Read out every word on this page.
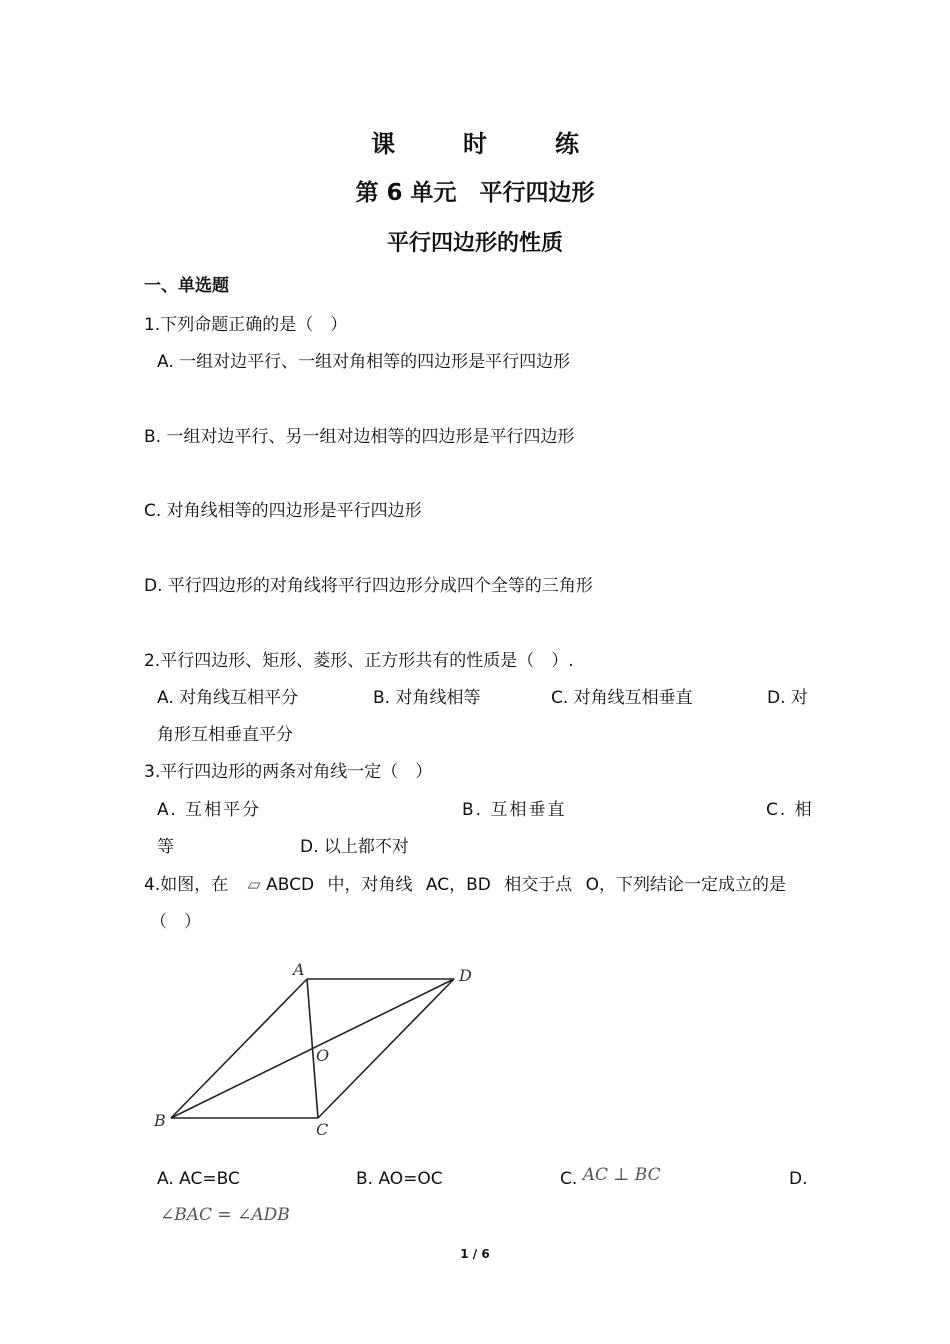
课　时　练
第 6 单元　平行四边形
平行四边形的性质
一、单选题
1.下列命题正确的是（　）
A. 一组对边平行、一组对角相等的四边形是平行四边形
B. 一组对边平行、另一组对边相等的四边形是平行四边形
C. 对角线相等的四边形是平行四边形
D. 平行四边形的对角线将平行四边形分成四个全等的三角形
2.平行四边形、矩形、菱形、正方形共有的性质是（　）.
A. 对角线互相平分	B. 对角线相等	C. 对角线互相垂直	D. 对
角形互相垂直平分
3.平行四边形的两条对角线一定（　）
A. 互相平分	B. 互相垂直	C. 相
等	D. 以上都不对
4.如图，在 ▱ ABCD 中，对角线 AC，BD 相交于点 O，下列结论一定成立的是
（　）
A	D
O
B	C
A. AC=BC	B. AO=OC	C. AC ⊥ BC	D.
∠BAC = ∠ADB
1 / 6
